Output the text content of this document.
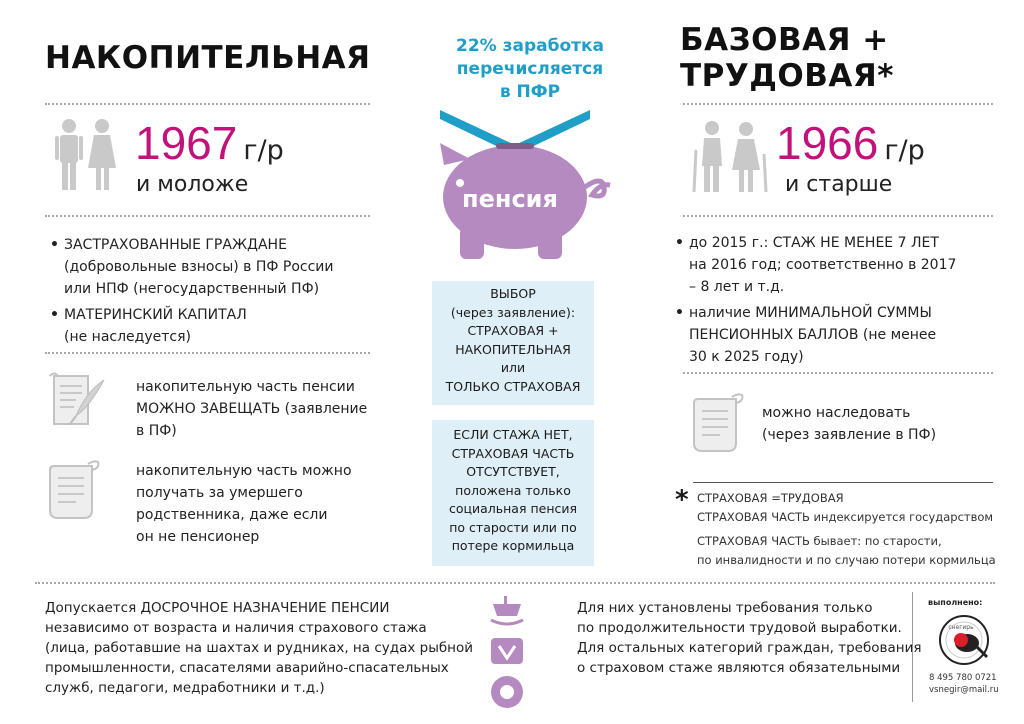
НАКОПИТЕЛЬНАЯ
1967 г/р
и моложе
• ЗАСТРАХОВАННЫЕ ГРАЖДАНЕ
(добровольные взносы) в ПФ России
или НПФ (негосударственный ПФ)
• МАТЕРИНСКИЙ КАПИТАЛ
(не наследуется)
накопительную часть пенсии
МОЖНО ЗАВЕЩАТЬ (заявление
в ПФ)
накопительную часть можно
получать за умершего
родственника, даже если
он не пенсионер
22% заработка
перечисляется
в ПФР
пенсия
ВЫБОР
(через заявление):
СТРАХОВАЯ +
НАКОПИТЕЛЬНАЯ
или
ТОЛЬКО СТРАХОВАЯ
ЕСЛИ СТАЖА НЕТ,
СТРАХОВАЯ ЧАСТЬ
ОТСУТСТВУЕТ,
положена только
социальная пенсия
по старости или по
потере кормильца
БАЗОВАЯ +
ТРУДОВАЯ*
1966 г/р
и старше
• до 2015 г.: СТАЖ НЕ МЕНЕЕ 7 ЛЕТ
на 2016 год; соответственно в 2017
– 8 лет и т.д.
• наличие МИНИМАЛЬНОЙ СУММЫ
ПЕНСИОННЫХ БАЛЛОВ (не менее
30 к 2025 году)
можно наследовать
(через заявление в ПФ)
* СТРАХОВАЯ =ТРУДОВАЯ
СТРАХОВАЯ ЧАСТЬ индексируется государством
СТРАХОВАЯ ЧАСТЬ бывает: по старости,
по инвалидности и по случаю потери кормильца
Допускается ДОСРОЧНОЕ НАЗНАЧЕНИЕ ПЕНСИИ
независимо от возраста и наличия страхового стажа
(лица, работавшие на шахтах и рудниках, на судах рыбной
промышленности, спасателями аварийно-спасательных
служб, педагоги, медработники и т.д.)
Для них установлены требования только
по продолжительности трудовой выработки.
Для остальных категорий граждан, требования
о страховом стаже являются обязательными
выполнено:
снегирь
8 495 780 0721
vsnegir@mail.ru
